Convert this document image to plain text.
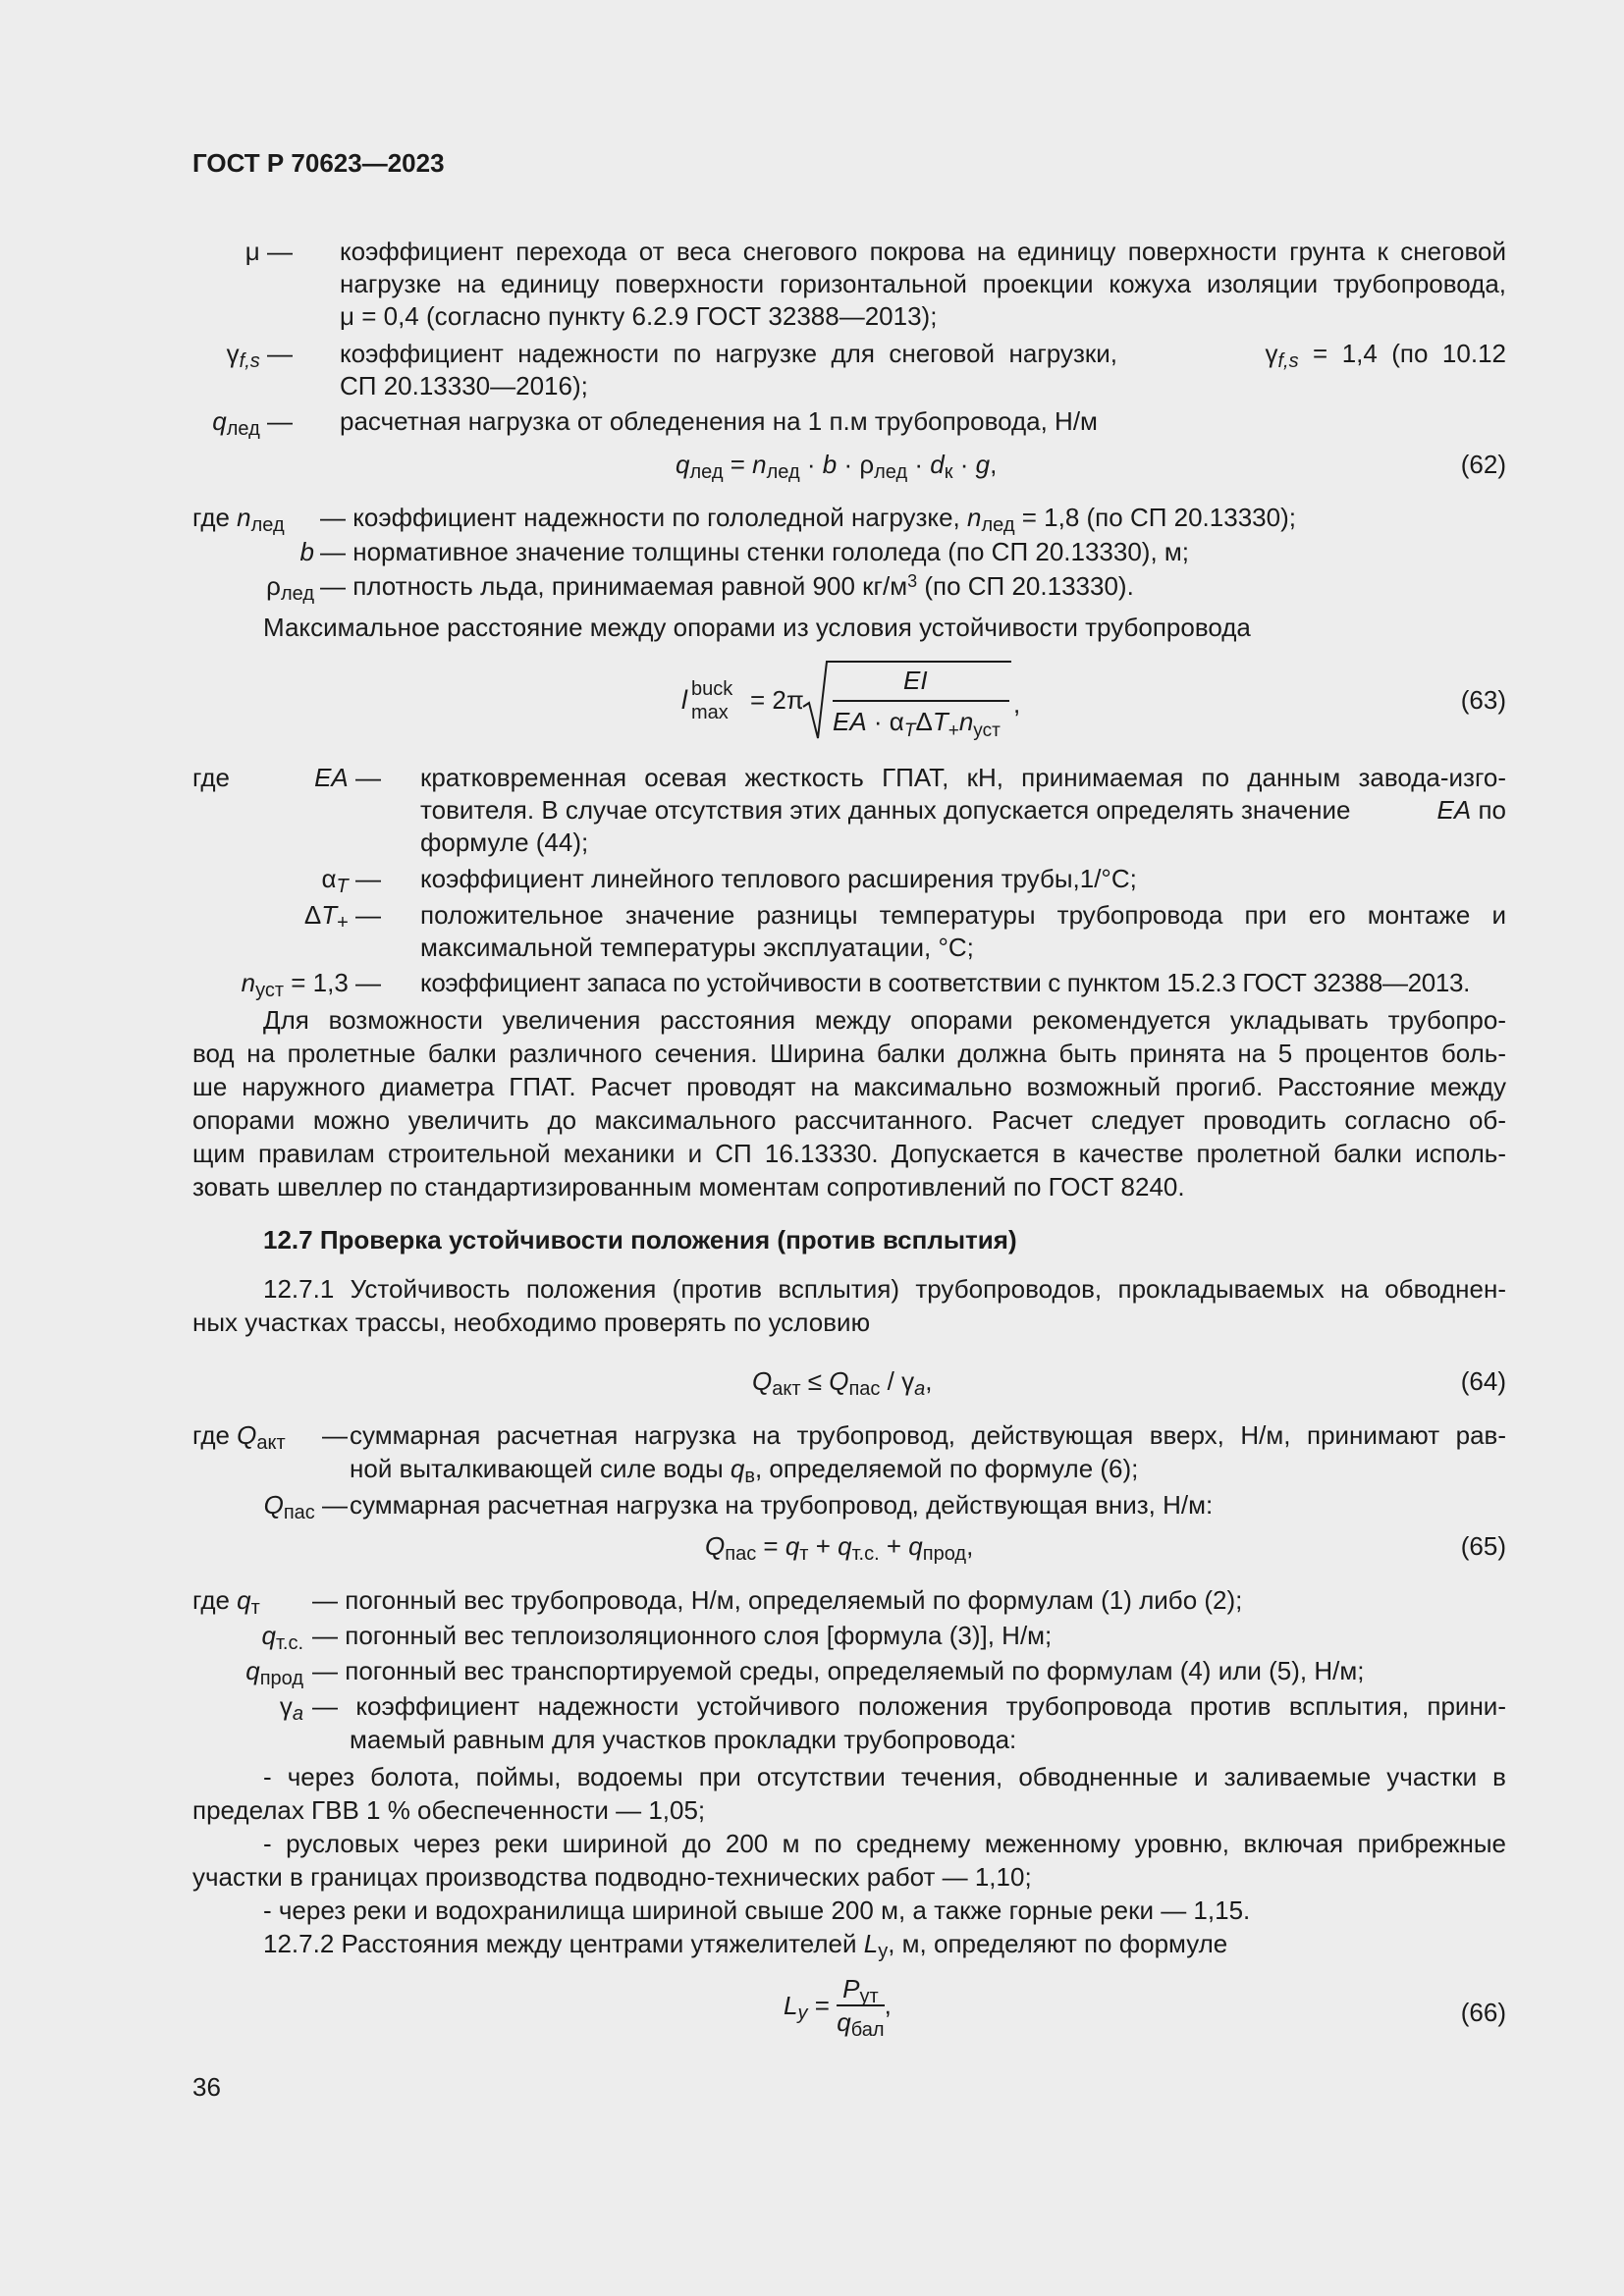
ГОСТ Р 70623—2023
μ — коэффициент перехода от веса снегового покрова на единицу поверхности грунта к снеговой
нагрузке на единицу поверхности горизонтальной проекции кожуха изоляции трубопровода,
μ = 0,4 (согласно пункту 6.2.9 ГОСТ 32388—2013);
$\gamma_{f,s}$ — коэффициент  надежности  по  нагрузке  для  снеговой  нагрузки,	$\gamma_{f,s} = 1,4$  (по  10.12
СП 20.13330—2016);
$q_{лед}$ — расчетная нагрузка от обледенения на 1 п.м трубопровода, Н/м
$q_{лед} = n_{лед} \cdot b \cdot \rho_{лед} \cdot d_к \cdot g$,	(62)
где $n_{лед}$ — коэффициент надежности по гололедной нагрузке, $n_{лед} = 1,8$ (по СП 20.13330);
b — нормативное значение толщины стенки гололеда (по СП 20.13330), м;
$\rho_{лед}$ — плотность льда, принимаемая равной 900 $кг/м^3$ (по СП 20.13330).
Максимальное расстояние между опорами из условия устойчивости трубопровода
l buck
max = 2π
EI
EA · $\alpha_T\Delta T_+n_{уст}$
,	(63)
где	EA — кратковременная осевая жесткость ГПАТ, кН, принимаемая по данным завода-изго-
товителя. В случае отсутствия этих данных допускается определять значение	EA по
формуле (44);
$\alpha_T$ — коэффициент линейного теплового расширения трубы,1/°С;
$\Delta T_+$ — положительное значение разницы температуры трубопровода при его монтаже и
максимальной температуры эксплуатации, °С;
$n_{уст} = 1,3$ — коэффициент запаса по устойчивости в соответствии с пунктом 15.2.3 ГОСТ 32388—2013.
Для возможности увеличения расстояния между опорами рекомендуется укладывать трубопро-
вод на пролетные балки различного сечения. Ширина балки должна быть принята на 5 процентов боль-
ше наружного диаметра ГПАТ. Расчет проводят на максимально возможный прогиб. Расстояние между
опорами можно увеличить до максимального рассчитанного. Расчет следует проводить согласно об-
щим правилам строительной механики и СП 16.13330. Допускается в качестве пролетной балки исполь-
зовать швеллер по стандартизированным моментам сопротивлений по ГОСТ 8240.
12.7 Проверка устойчивости положения (против всплытия)
12.7.1 Устойчивость положения (против всплытия) трубопроводов, прокладываемых на обводнен-
ных участках трассы, необходимо проверять по условию
$Q_{акт} \le Q_{пас} / \gamma_a$,	(64)
где $Q_{акт}$ — суммарная расчетная нагрузка на трубопровод, действующая вверх, Н/м, принимают рав-
ной выталкивающей силе воды $q_в$, определяемой по формуле (6);
$Q_{пас}$ — суммарная расчетная нагрузка на трубопровод, действующая вниз, Н/м:
$Q_{пас} = q_т + q_{т.с.} + q_{прод}$,	(65)
где $q_т$ — погонный вес трубопровода, Н/м, определяемый по формулам (1) либо (2);
$q_{т.с.}$ — погонный вес теплоизоляционного слоя [формула (3)], Н/м;
$q_{прод}$ — погонный вес транспортируемой среды, определяемый по формулам (4) или (5), Н/м;
$\gamma_a$ — коэффициент надежности устойчивого положения трубопровода против всплытия, прини-
маемый равным для участков прокладки трубопровода:
- через болота, поймы, водоемы при отсутствии течения, обводненные и заливаемые участки в
пределах ГВВ 1 % обеспеченности — 1,05;
- русловых через реки шириной до 200 м по среднему меженному уровню, включая прибрежные
участки в границах производства подводно-технических работ — 1,10;
- через реки и водохранилища шириной свыше 200 м, а также горные реки — 1,15.
12.7.2 Расстояния между центрами утяжелителей $L_у$, м, определяют по формуле
$L_y = \frac{P_{ут}}{q_{бал}}$ ,	(66)
36
